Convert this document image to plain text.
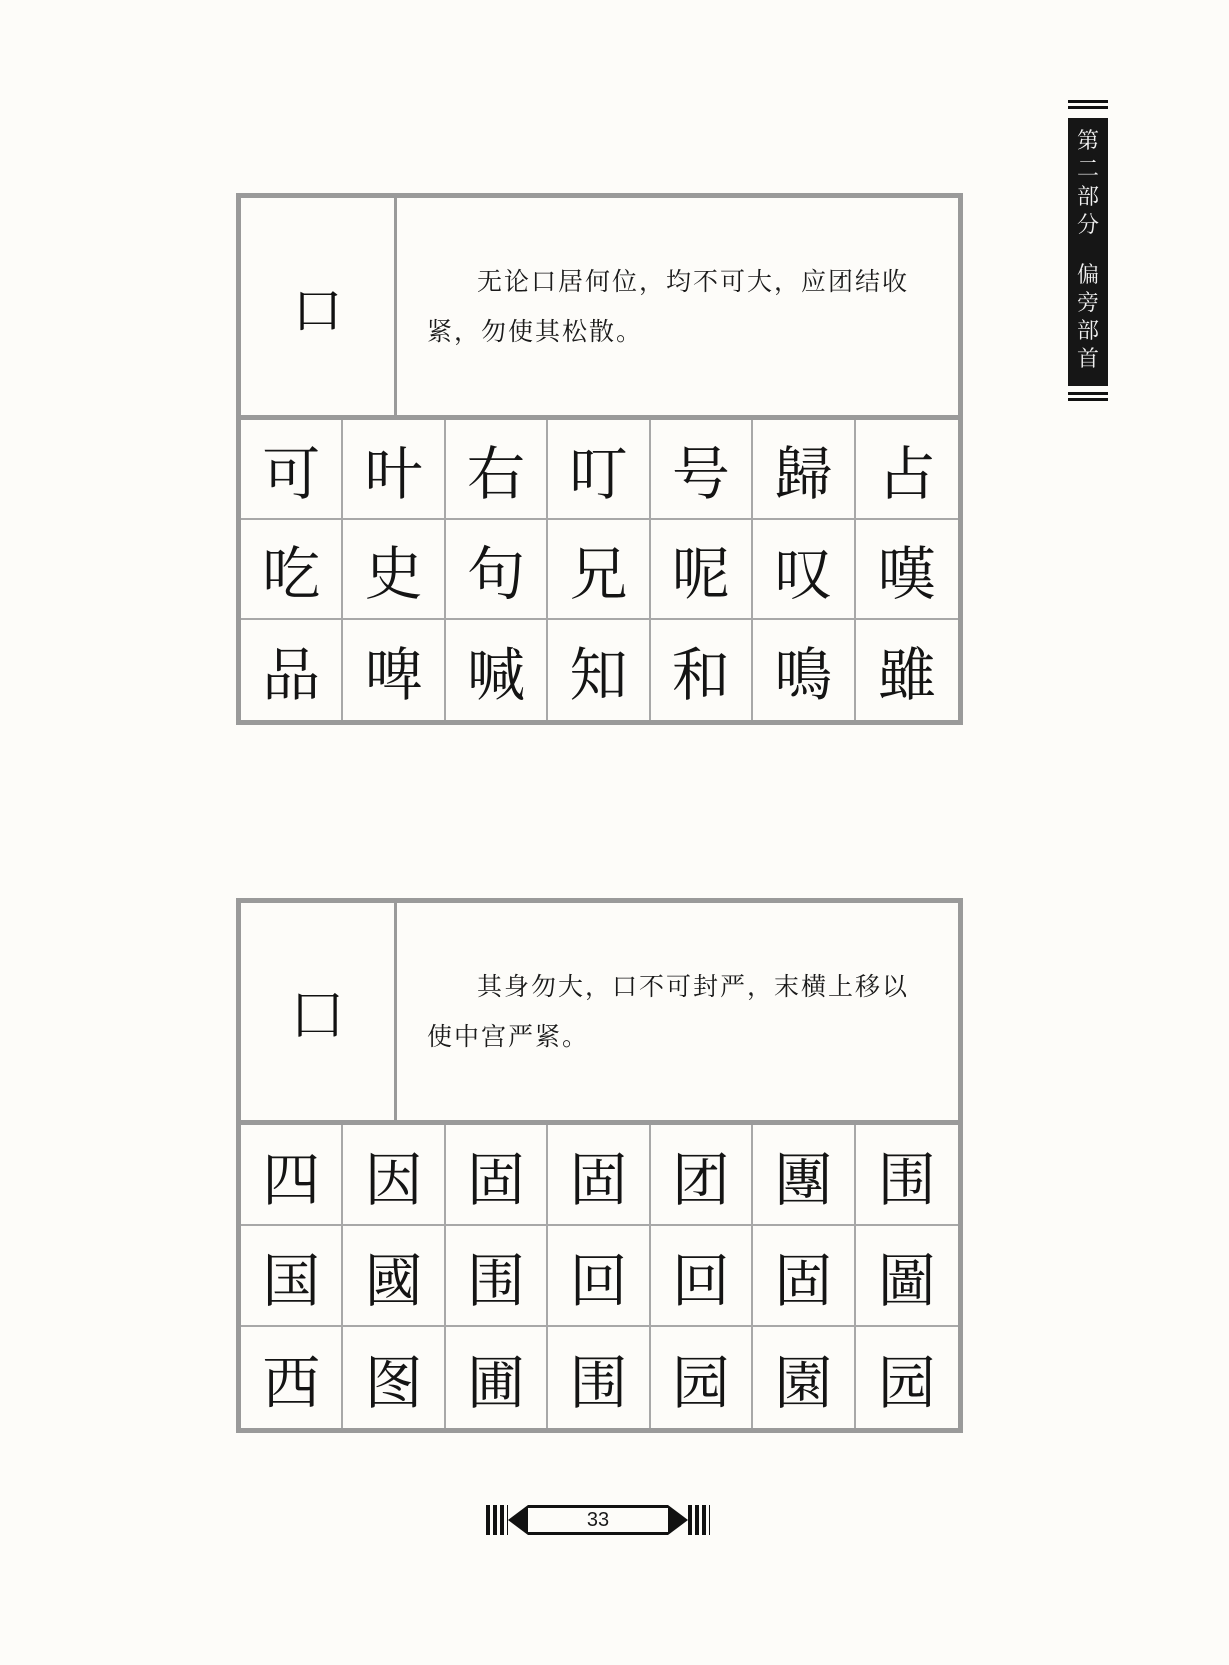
第
二
部
分
偏
旁
部
首
口

无论口居何位，均不可大，应团结收紧，勿使其松散。

可 叶 右 叮 号 歸 占
吃 史 句 兄 呢 叹 嘆
品 啤 喊 知 和 鳴 雖
囗

其身勿大，口不可封严，末横上移以使中宫严紧。

四 因 固 固 团 團 围
国 國 围 回 回 固 圖
西 图 圃 围 园 園 园
33
